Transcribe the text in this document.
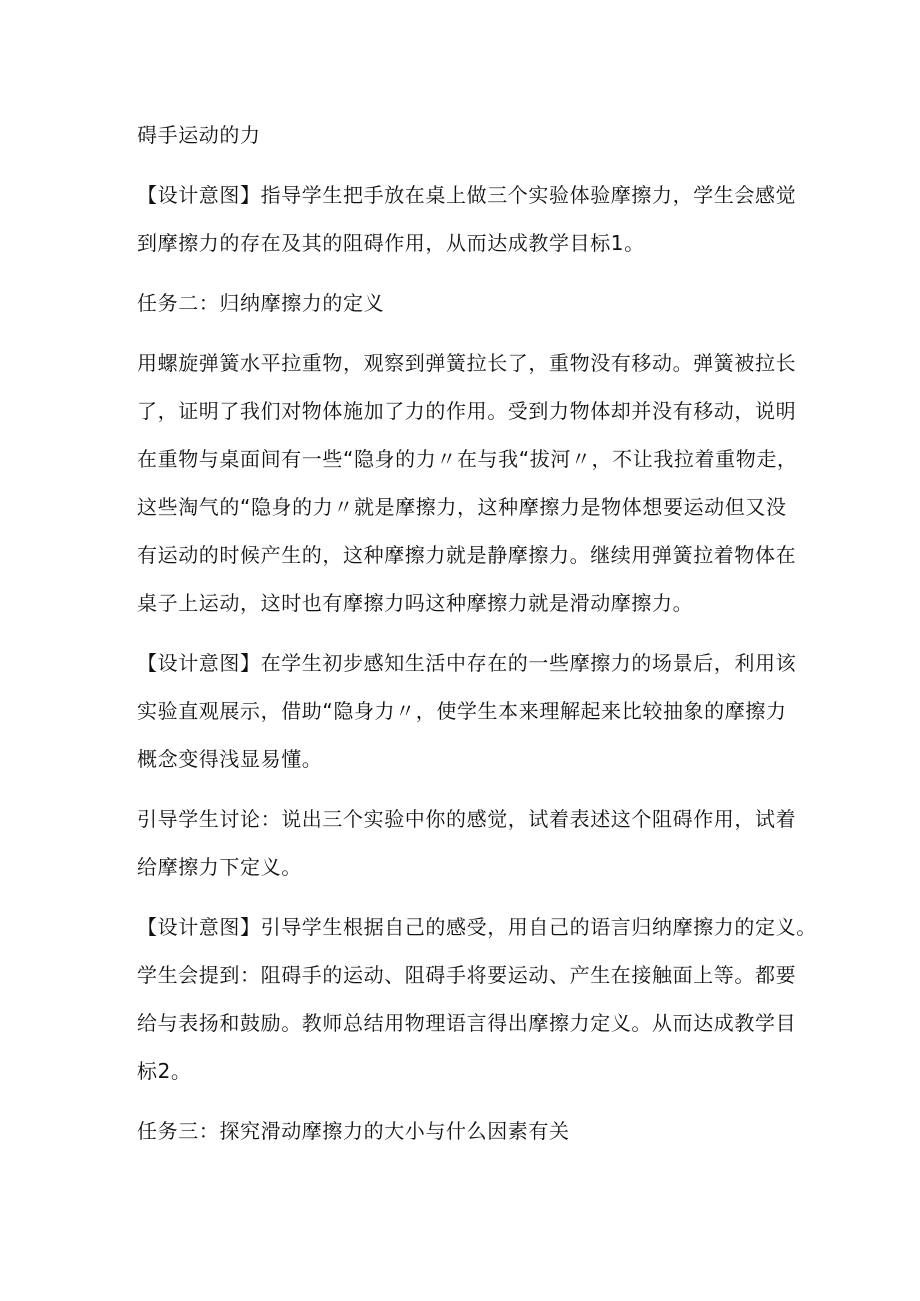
碍手运动的力
【设计意图】指导学生把手放在桌上做三个实验体验摩擦力，学生会感觉
到摩擦力的存在及其的阻碍作用，从而达成教学目标1。
任务二：归纳摩擦力的定义
用螺旋弹簧水平拉重物，观察到弹簧拉长了，重物没有移动。弹簧被拉长
了，证明了我们对物体施加了力的作用。受到力物体却并没有移动，说明
在重物与桌面间有一些“隐身的力〃在与我“拔河〃，不让我拉着重物走，
这些淘气的“隐身的力〃就是摩擦力，这种摩擦力是物体想要运动但又没
有运动的时候产生的，这种摩擦力就是静摩擦力。继续用弹簧拉着物体在
桌子上运动，这时也有摩擦力吗这种摩擦力就是滑动摩擦力。
【设计意图】在学生初步感知生活中存在的一些摩擦力的场景后，利用该
实验直观展示，借助“隐身力〃，使学生本来理解起来比较抽象的摩擦力
概念变得浅显易懂。
引导学生讨论：说出三个实验中你的感觉，试着表述这个阻碍作用，试着
给摩擦力下定义。
【设计意图】引导学生根据自己的感受，用自己的语言归纳摩擦力的定义。
学生会提到：阻碍手的运动、阻碍手将要运动、产生在接触面上等。都要
给与表扬和鼓励。教师总结用物理语言得出摩擦力定义。从而达成教学目
标2。
任务三：探究滑动摩擦力的大小与什么因素有关
